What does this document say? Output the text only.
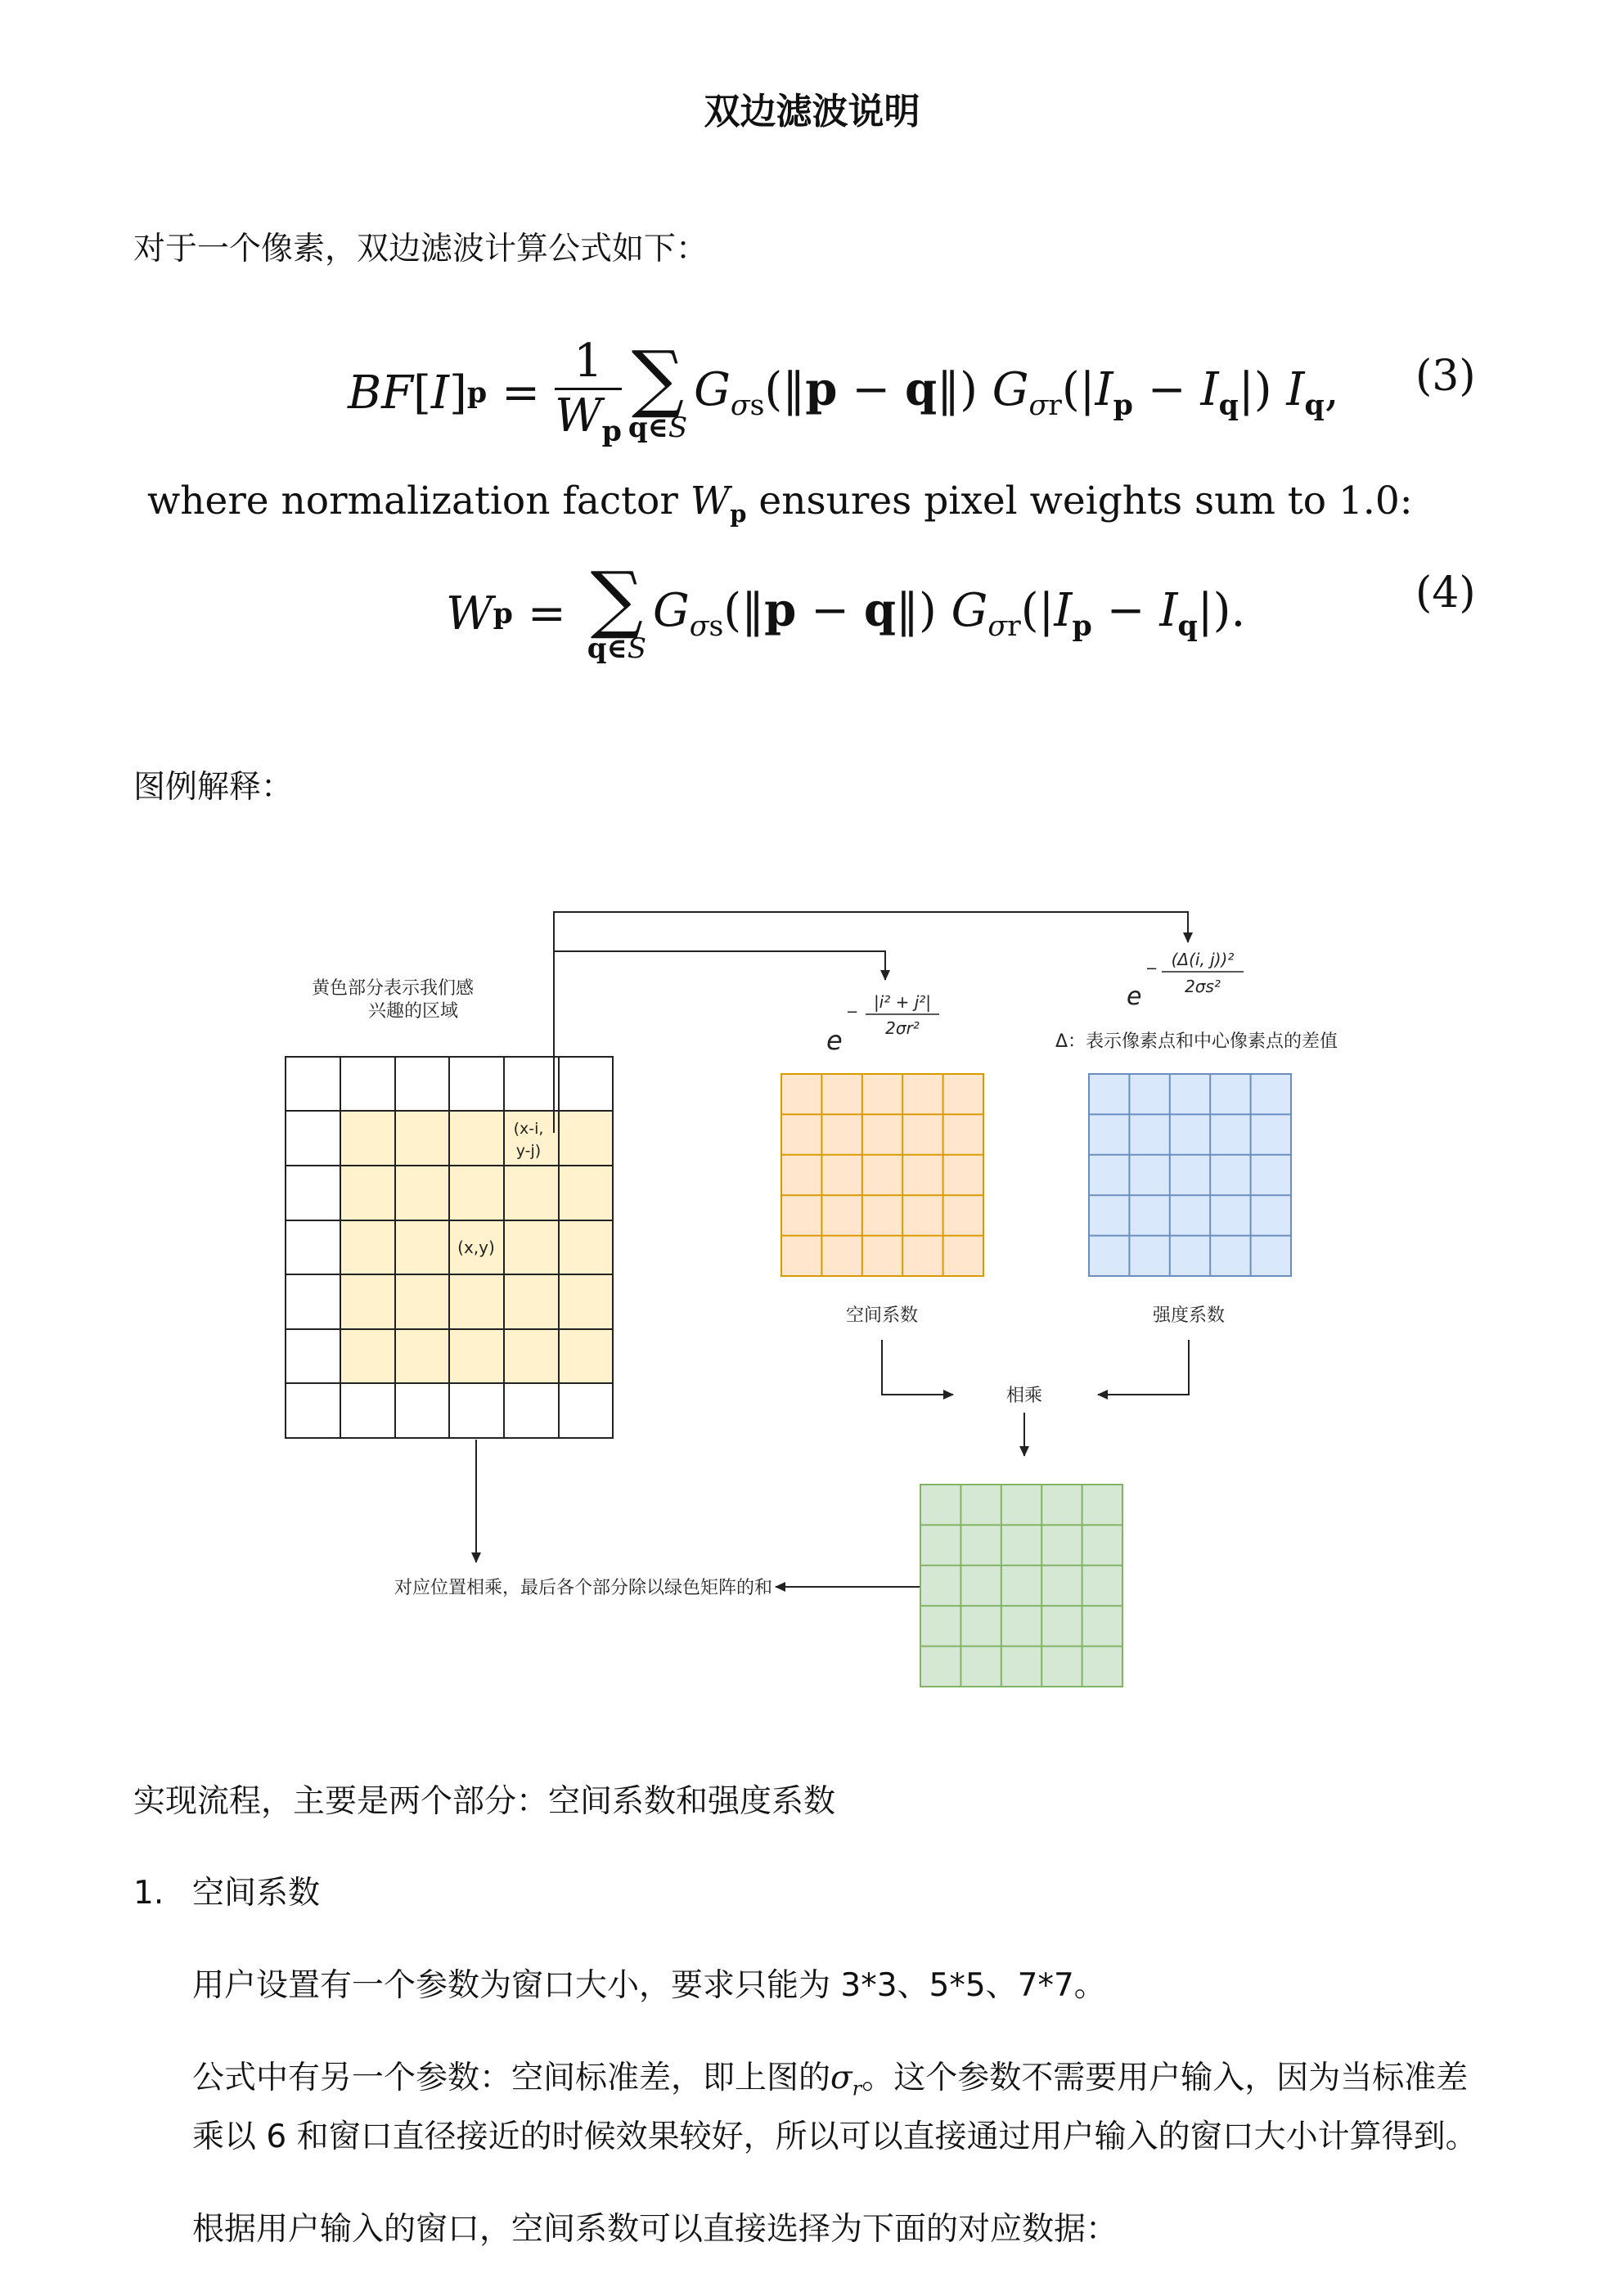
双边滤波说明
对于一个像素，双边滤波计算公式如下：
BF [ I ] $p = \frac{1}{W_p}$ ∑
q∈S
$G_{\sigma s}(‖p$ − q‖) $G_{\sigma r}(|I_p - I_q|)$ $I_q$, (3)
where normalization factor $W_p$ ensures pixel weights sum to 1.0:
W p = ∑
q∈S
$G_{\sigma s}(‖p$ − q‖) $G_{\sigma r}(|I_p - I_q|)$.	(4)
图例解释：
黄色部分表示我们感
兴趣的区域
(x-i,
y-j)
(x,y)
e
−
|i² + j²|
2σr²
e
− (Δ(i, j))²
2σs²
Δ：表示像素点和中心像素点的差值
空间系数	强度系数
相乘
对应位置相乘，最后各个部分除以绿色矩阵的和
实现流程，主要是两个部分：空间系数和强度系数
1. 空间系数
用户设置有一个参数为窗口大小，要求只能为 3*3、5*5、7*7。
公式中有另一个参数：空间标准差，即上图的$\sigma_r$。这个参数不需要用户输入，因为当标准差
乘以 6 和窗口直径接近的时候效果较好，所以可以直接通过用户输入的窗口大小计算得到。
根据用户输入的窗口，空间系数可以直接选择为下面的对应数据：
